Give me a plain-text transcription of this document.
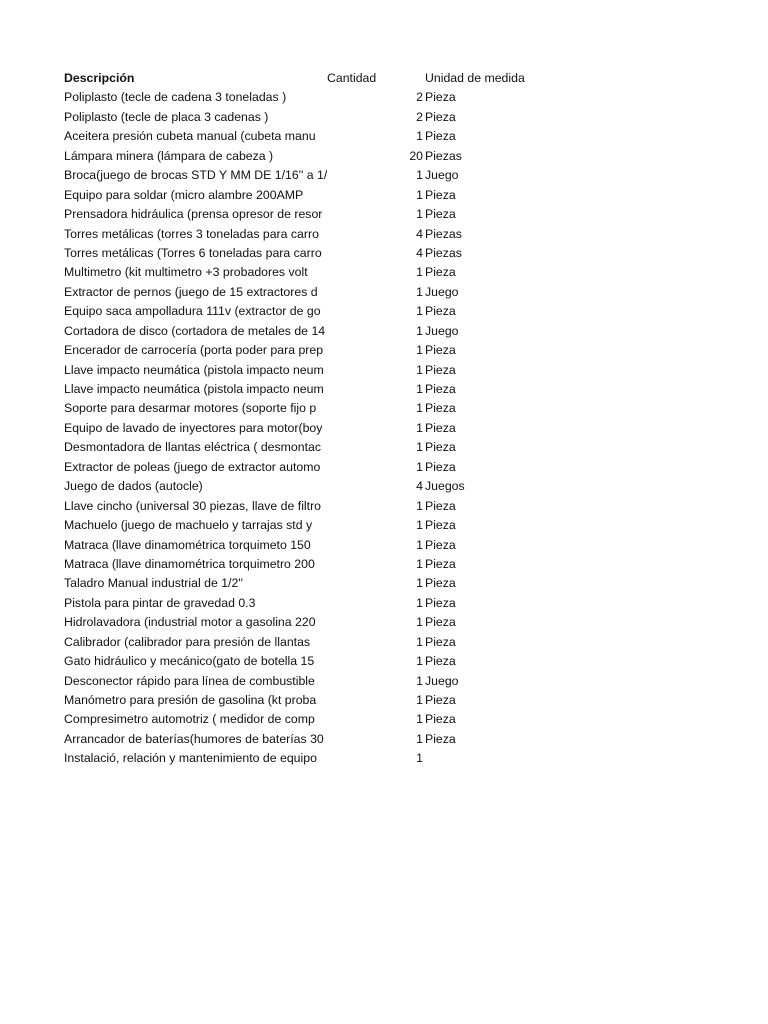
Descripción	Cantidad	Unidad de medida
Poliplasto (tecle de cadena 3 toneladas )	2 Pieza
Poliplasto (tecle de placa 3 cadenas )	2 Pieza
Aceitera presión cubeta manual (cubeta manu	1 Pieza
Lámpara minera (lámpara de cabeza )	20 Piezas
Broca(juego de brocas STD Y MM DE 1/16'' a 1/	1 Juego
Equipo para soldar (micro alambre 200AMP	1 Pieza
Prensadora hidráulica (prensa opresor de resor	1 Pieza
Torres metálicas (torres 3 toneladas para carro	4 Piezas
Torres metálicas (Torres 6 toneladas para carro	4 Piezas
Multimetro (kit multimetro +3 probadores volt	1 Pieza
Extractor de pernos (juego de 15 extractores d	1 Juego
Equipo saca ampolladura 111v (extractor de go	1 Pieza
Cortadora de disco (cortadora de metales de 14	1 Juego
Encerador de carrocería (porta poder para prep	1 Pieza
Llave impacto neumática (pistola impacto neum	1 Pieza
Llave impacto neumática (pistola impacto neum	1 Pieza
Soporte para desarmar motores (soporte fijo p	1 Pieza
Equipo de lavado de inyectores para motor(boy	1 Pieza
Desmontadora de llantas eléctrica ( desmontac	1 Pieza
Extractor de poleas (juego de extractor automo	1 Pieza
Juego de dados (autocle)	4 Juegos
Llave cincho (universal 30 piezas, llave de filtro	1 Pieza
Machuelo (juego de machuelo y tarrajas std y	1 Pieza
Matraca (llave dinamométrica torquimeto 150	1 Pieza
Matraca (llave dinamométrica torquimetro 200	1 Pieza
Taladro Manual industrial de 1/2''	1 Pieza
Pistola para pintar de gravedad 0.3	1 Pieza
Hidrolavadora (industrial motor a gasolina 220	1 Pieza
Calibrador (calibrador para presión de llantas	1 Pieza
Gato hidráulico y mecánico(gato de botella 15	1 Pieza
Desconector rápido para línea de combustible	1 Juego
Manómetro para presión de gasolina (kt proba	1 Pieza
Compresimetro automotriz ( medidor de comp	1 Pieza
Arrancador de baterías(humores de baterías 30	1 Pieza
Instalació, relación y mantenimiento de equipo	1
